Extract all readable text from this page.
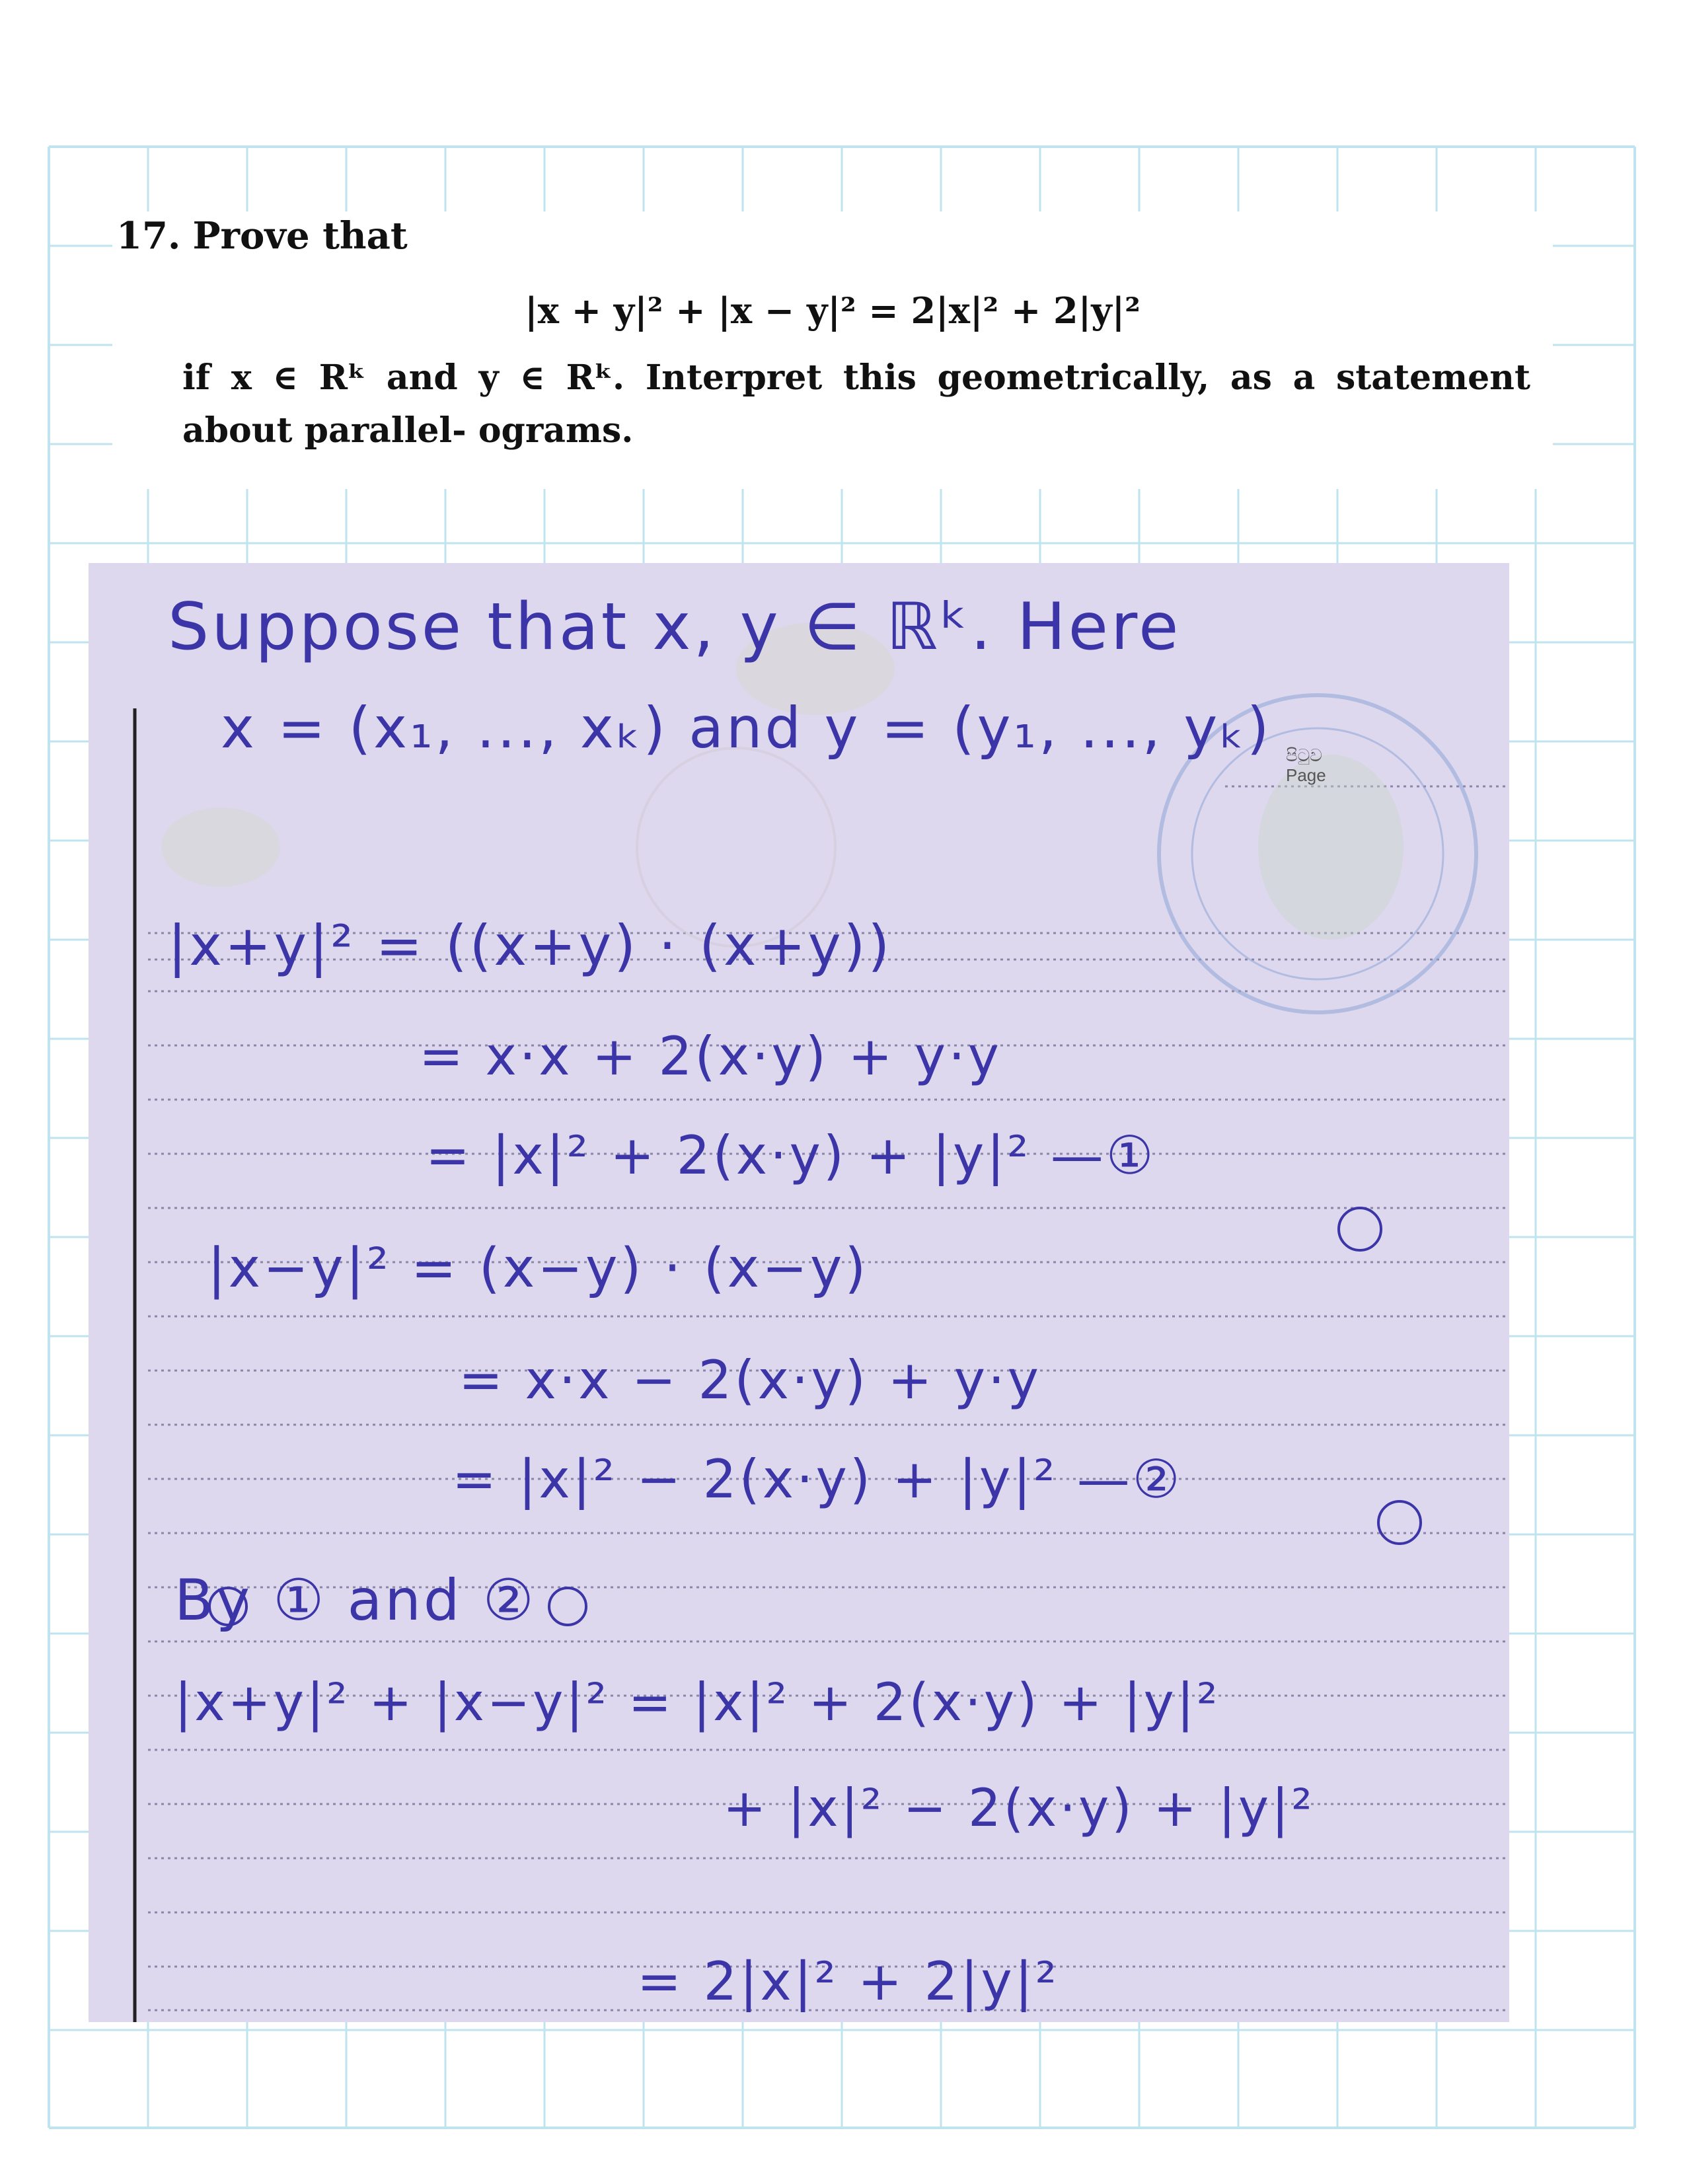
17. Prove that
|x + y|² + |x − y|² = 2|x|² + 2|y|²
if x ∈ Rᵏ and y ∈ Rᵏ. Interpret this geometrically, as a statement about parallel- ograms.
පිටුව
Page
Suppose that x, y ∈ ℝᵏ. Here
x = (x₁, ..., xₖ) and y = (y₁, ..., yₖ)
|x+y|² = ((x+y) · (x+y))
= x·x + 2(x·y) + y·y
= |x|² + 2(x·y) + |y|² —①
|x−y|² = (x−y) · (x−y)
= x·x − 2(x·y) + y·y
= |x|² − 2(x·y) + |y|² —②
By ① and ②
|x+y|² + |x−y|² = |x|² + 2(x·y) + |y|²
+ |x|² − 2(x·y) + |y|²
= 2|x|² + 2|y|²
